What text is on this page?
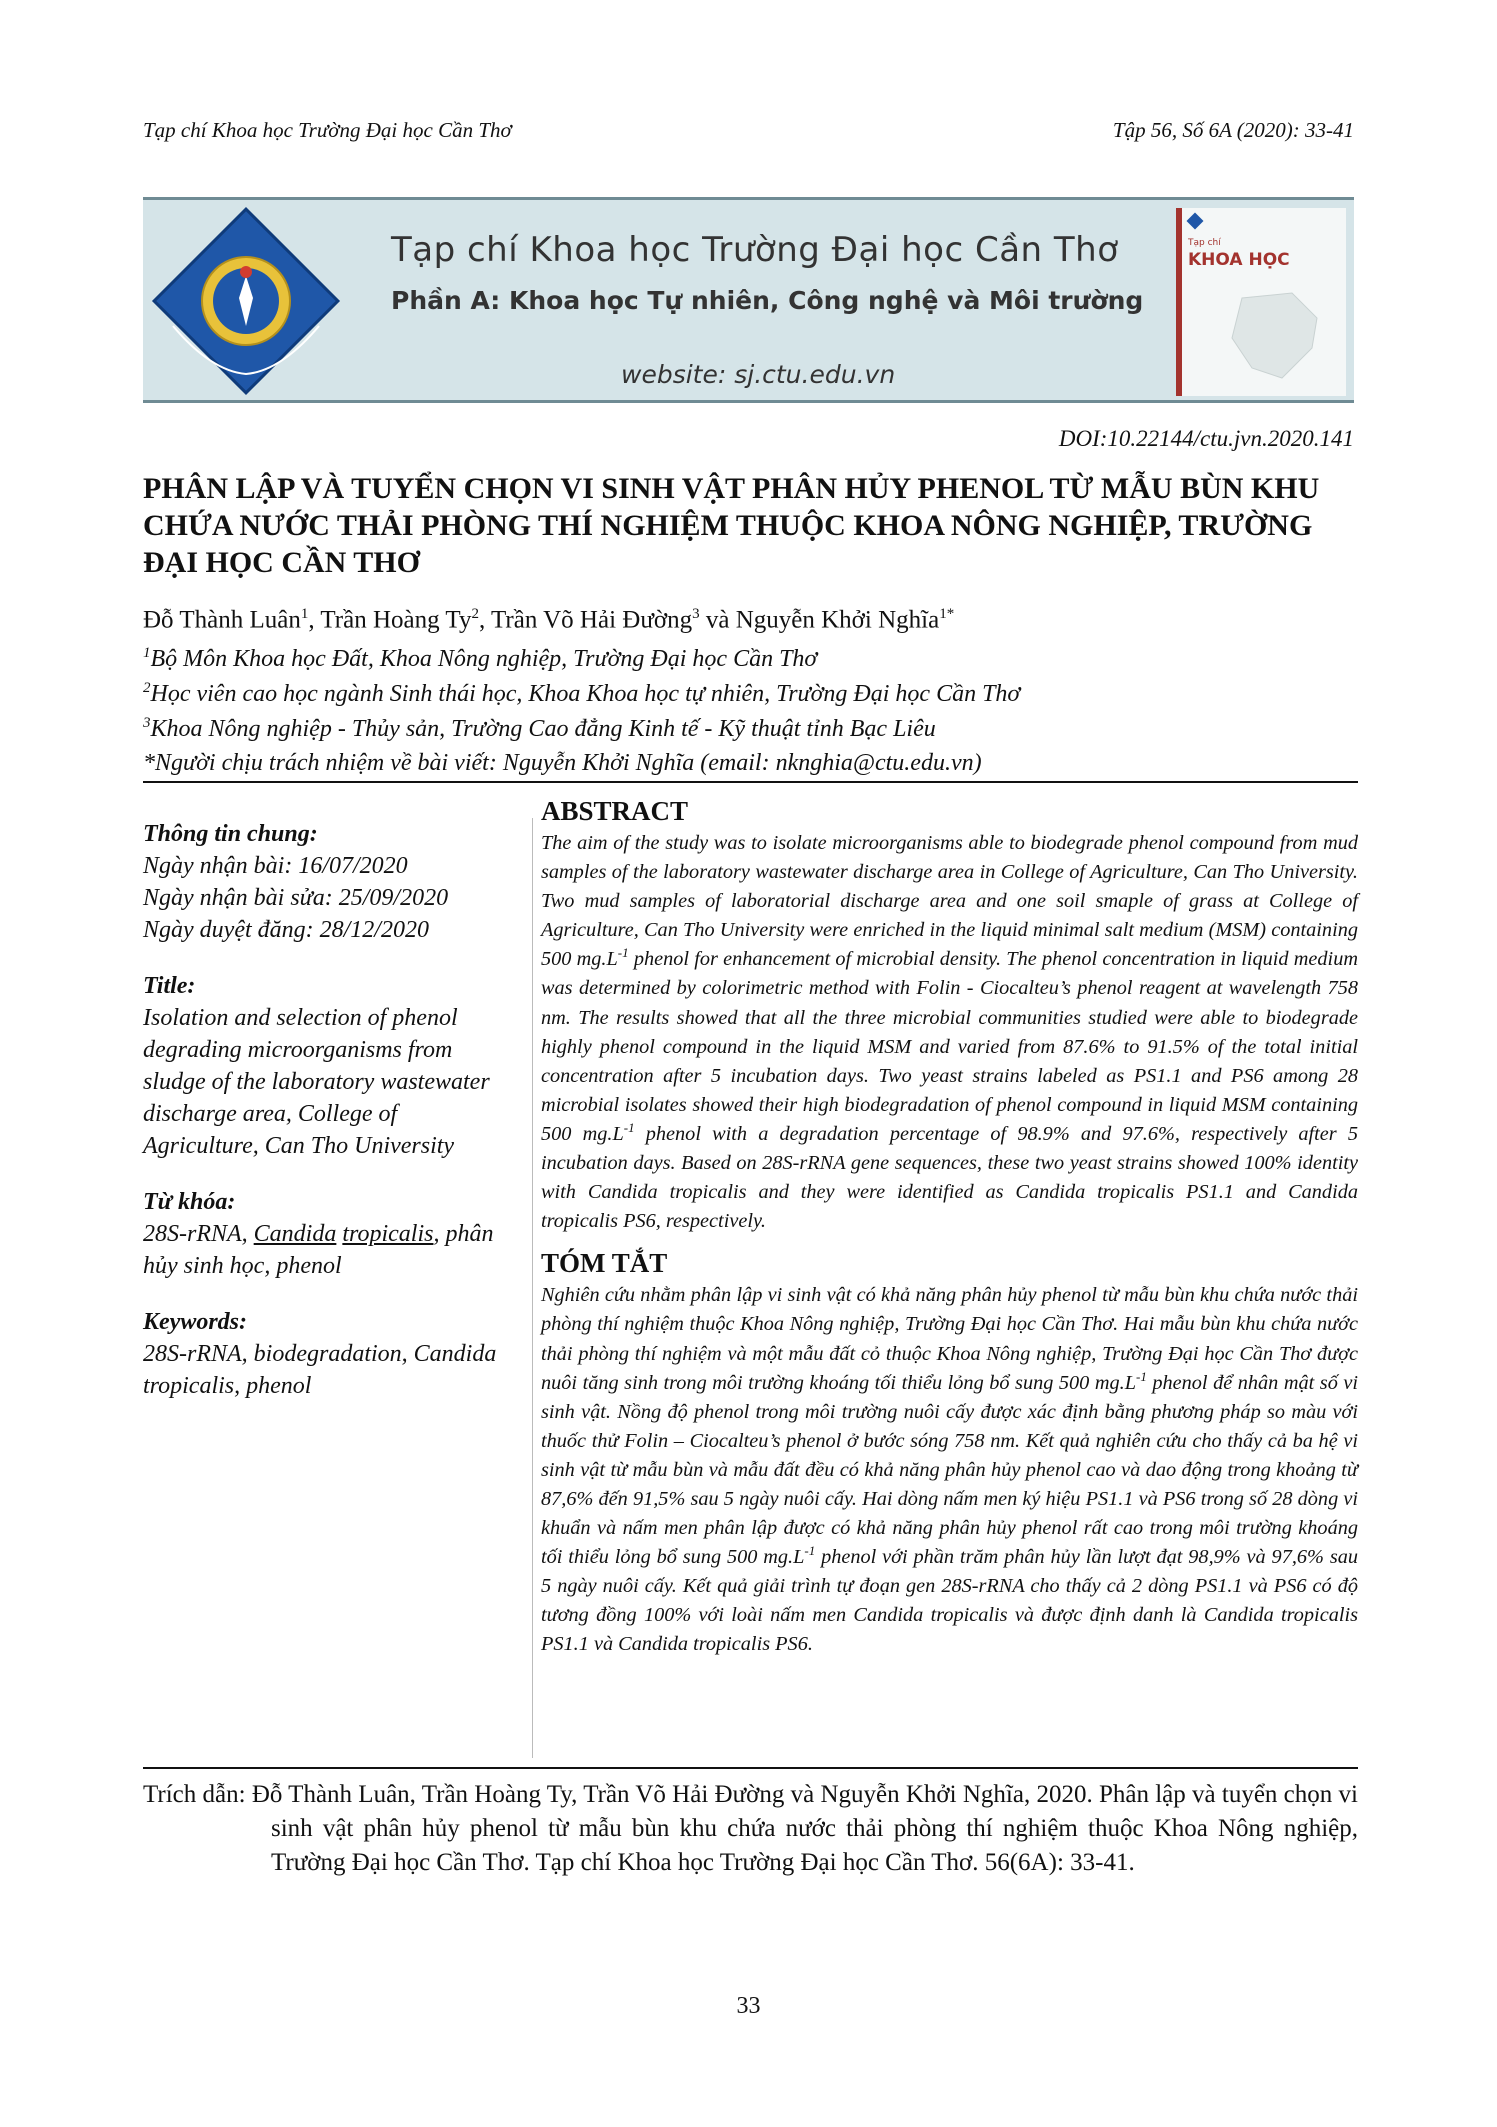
Tạp chí Khoa học Trường Đại học Cần Thơ	Tập 56, Số 6A (2020): 33-41
Tạp chí Khoa học Trường Đại học Cần Thơ
Phần A: Khoa học Tự nhiên, Công nghệ và Môi trường
website: sj.ctu.edu.vn
Tạp chí
KHOA HỌC
DOI:10.22144/ctu.jvn.2020.141
PHÂN LẬP VÀ TUYỂN CHỌN VI SINH VẬT PHÂN HỦY PHENOL TỪ MẪU BÙN KHU CHỨA NƯỚC THẢI PHÒNG THÍ NGHIỆM THUỘC KHOA NÔNG NGHIỆP, TRƯỜNG ĐẠI HỌC CẦN THƠ
Đỗ Thành Luân$^1$, Trần Hoàng Ty$^2$, Trần Võ Hải Đường$^3$ và Nguyễn Khởi Nghĩa$^{1*}$
$^1$Bộ Môn Khoa học Đất, Khoa Nông nghiệp, Trường Đại học Cần Thơ
$^2$Học viên cao học ngành Sinh thái học, Khoa Khoa học tự nhiên, Trường Đại học Cần Thơ
$^3$Khoa Nông nghiệp - Thủy sản, Trường Cao đẳng Kinh tế - Kỹ thuật tỉnh Bạc Liêu
*Người chịu trách nhiệm về bài viết: Nguyễn Khởi Nghĩa (email: nknghia@ctu.edu.vn)
Thông tin chung:
Ngày nhận bài: 16/07/2020
Ngày nhận bài sửa: 25/09/2020
Ngày duyệt đăng: 28/12/2020
Title:
Isolation and selection of phenol degrading microorganisms from sludge of the laboratory wastewater discharge area, College of Agriculture, Can Tho University
Từ khóa:
28S-rRNA, Candida tropicalis, phân hủy sinh học, phenol
Keywords:
28S-rRNA, biodegradation, Candida tropicalis, phenol
ABSTRACT

The aim of the study was to isolate microorganisms able to biodegrade phenol compound from mud samples of the laboratory wastewater discharge area in College of Agriculture, Can Tho University. Two mud samples of laboratorial discharge area and one soil smaple of grass at College of Agriculture, Can Tho University were enriched in the liquid minimal salt medium (MSM) containing 500 $mg.L^{-1}$ phenol for enhancement of microbial density. The phenol concentration in liquid medium was determined by colorimetric method with Folin - Ciocalteu’s phenol reagent at wavelength 758 nm. The results showed that all the three microbial communities studied were able to biodegrade highly phenol compound in the liquid MSM and varied from 87.6% to 91.5% of the total initial concentration after 5 incubation days. Two yeast strains labeled as PS1.1 and PS6 among 28 microbial isolates showed their high biodegradation of phenol compound in liquid MSM containing 500 $mg.L^{-1}$ phenol with a degradation percentage of 98.9% and 97.6%, respectively after 5 incubation days. Based on 28S-rRNA gene sequences, these two yeast strains showed 100% identity with Candida tropicalis and they were identified as Candida tropicalis PS1.1 and Candida tropicalis PS6, respectively.

TÓM TẮT

Nghiên cứu nhằm phân lập vi sinh vật có khả năng phân hủy phenol từ mẫu bùn khu chứa nước thải phòng thí nghiệm thuộc Khoa Nông nghiệp, Trường Đại học Cần Thơ. Hai mẫu bùn khu chứa nước thải phòng thí nghiệm và một mẫu đất cỏ thuộc Khoa Nông nghiệp, Trường Đại học Cần Thơ được nuôi tăng sinh trong môi trường khoáng tối thiểu lỏng bổ sung 500 $mg.L^{-1}$ phenol để nhân mật số vi sinh vật. Nồng độ phenol trong môi trường nuôi cấy được xác định bằng phương pháp so màu với thuốc thử Folin – Ciocalteu’s phenol ở bước sóng 758 nm. Kết quả nghiên cứu cho thấy cả ba hệ vi sinh vật từ mẫu bùn và mẫu đất đều có khả năng phân hủy phenol cao và dao động trong khoảng từ 87,6% đến 91,5% sau 5 ngày nuôi cấy. Hai dòng nấm men ký hiệu PS1.1 và PS6 trong số 28 dòng vi khuẩn và nấm men phân lập được có khả năng phân hủy phenol rất cao trong môi trường khoáng tối thiểu lỏng bổ sung 500 $mg.L^{-1}$ phenol với phần trăm phân hủy lần lượt đạt 98,9% và 97,6% sau 5 ngày nuôi cấy. Kết quả giải trình tự đoạn gen 28S-rRNA cho thấy cả 2 dòng PS1.1 và PS6 có độ tương đồng 100% với loài nấm men Candida tropicalis và được định danh là Candida tropicalis PS1.1 và Candida tropicalis PS6.

Trích dẫn: Đỗ Thành Luân, Trần Hoàng Ty, Trần Võ Hải Đường và Nguyễn Khởi Nghĩa, 2020. Phân lập và tuyển chọn vi sinh vật phân hủy phenol từ mẫu bùn khu chứa nước thải phòng thí nghiệm thuộc Khoa Nông nghiệp, Trường Đại học Cần Thơ. Tạp chí Khoa học Trường Đại học Cần Thơ. 56(6A): 33-41.
33
